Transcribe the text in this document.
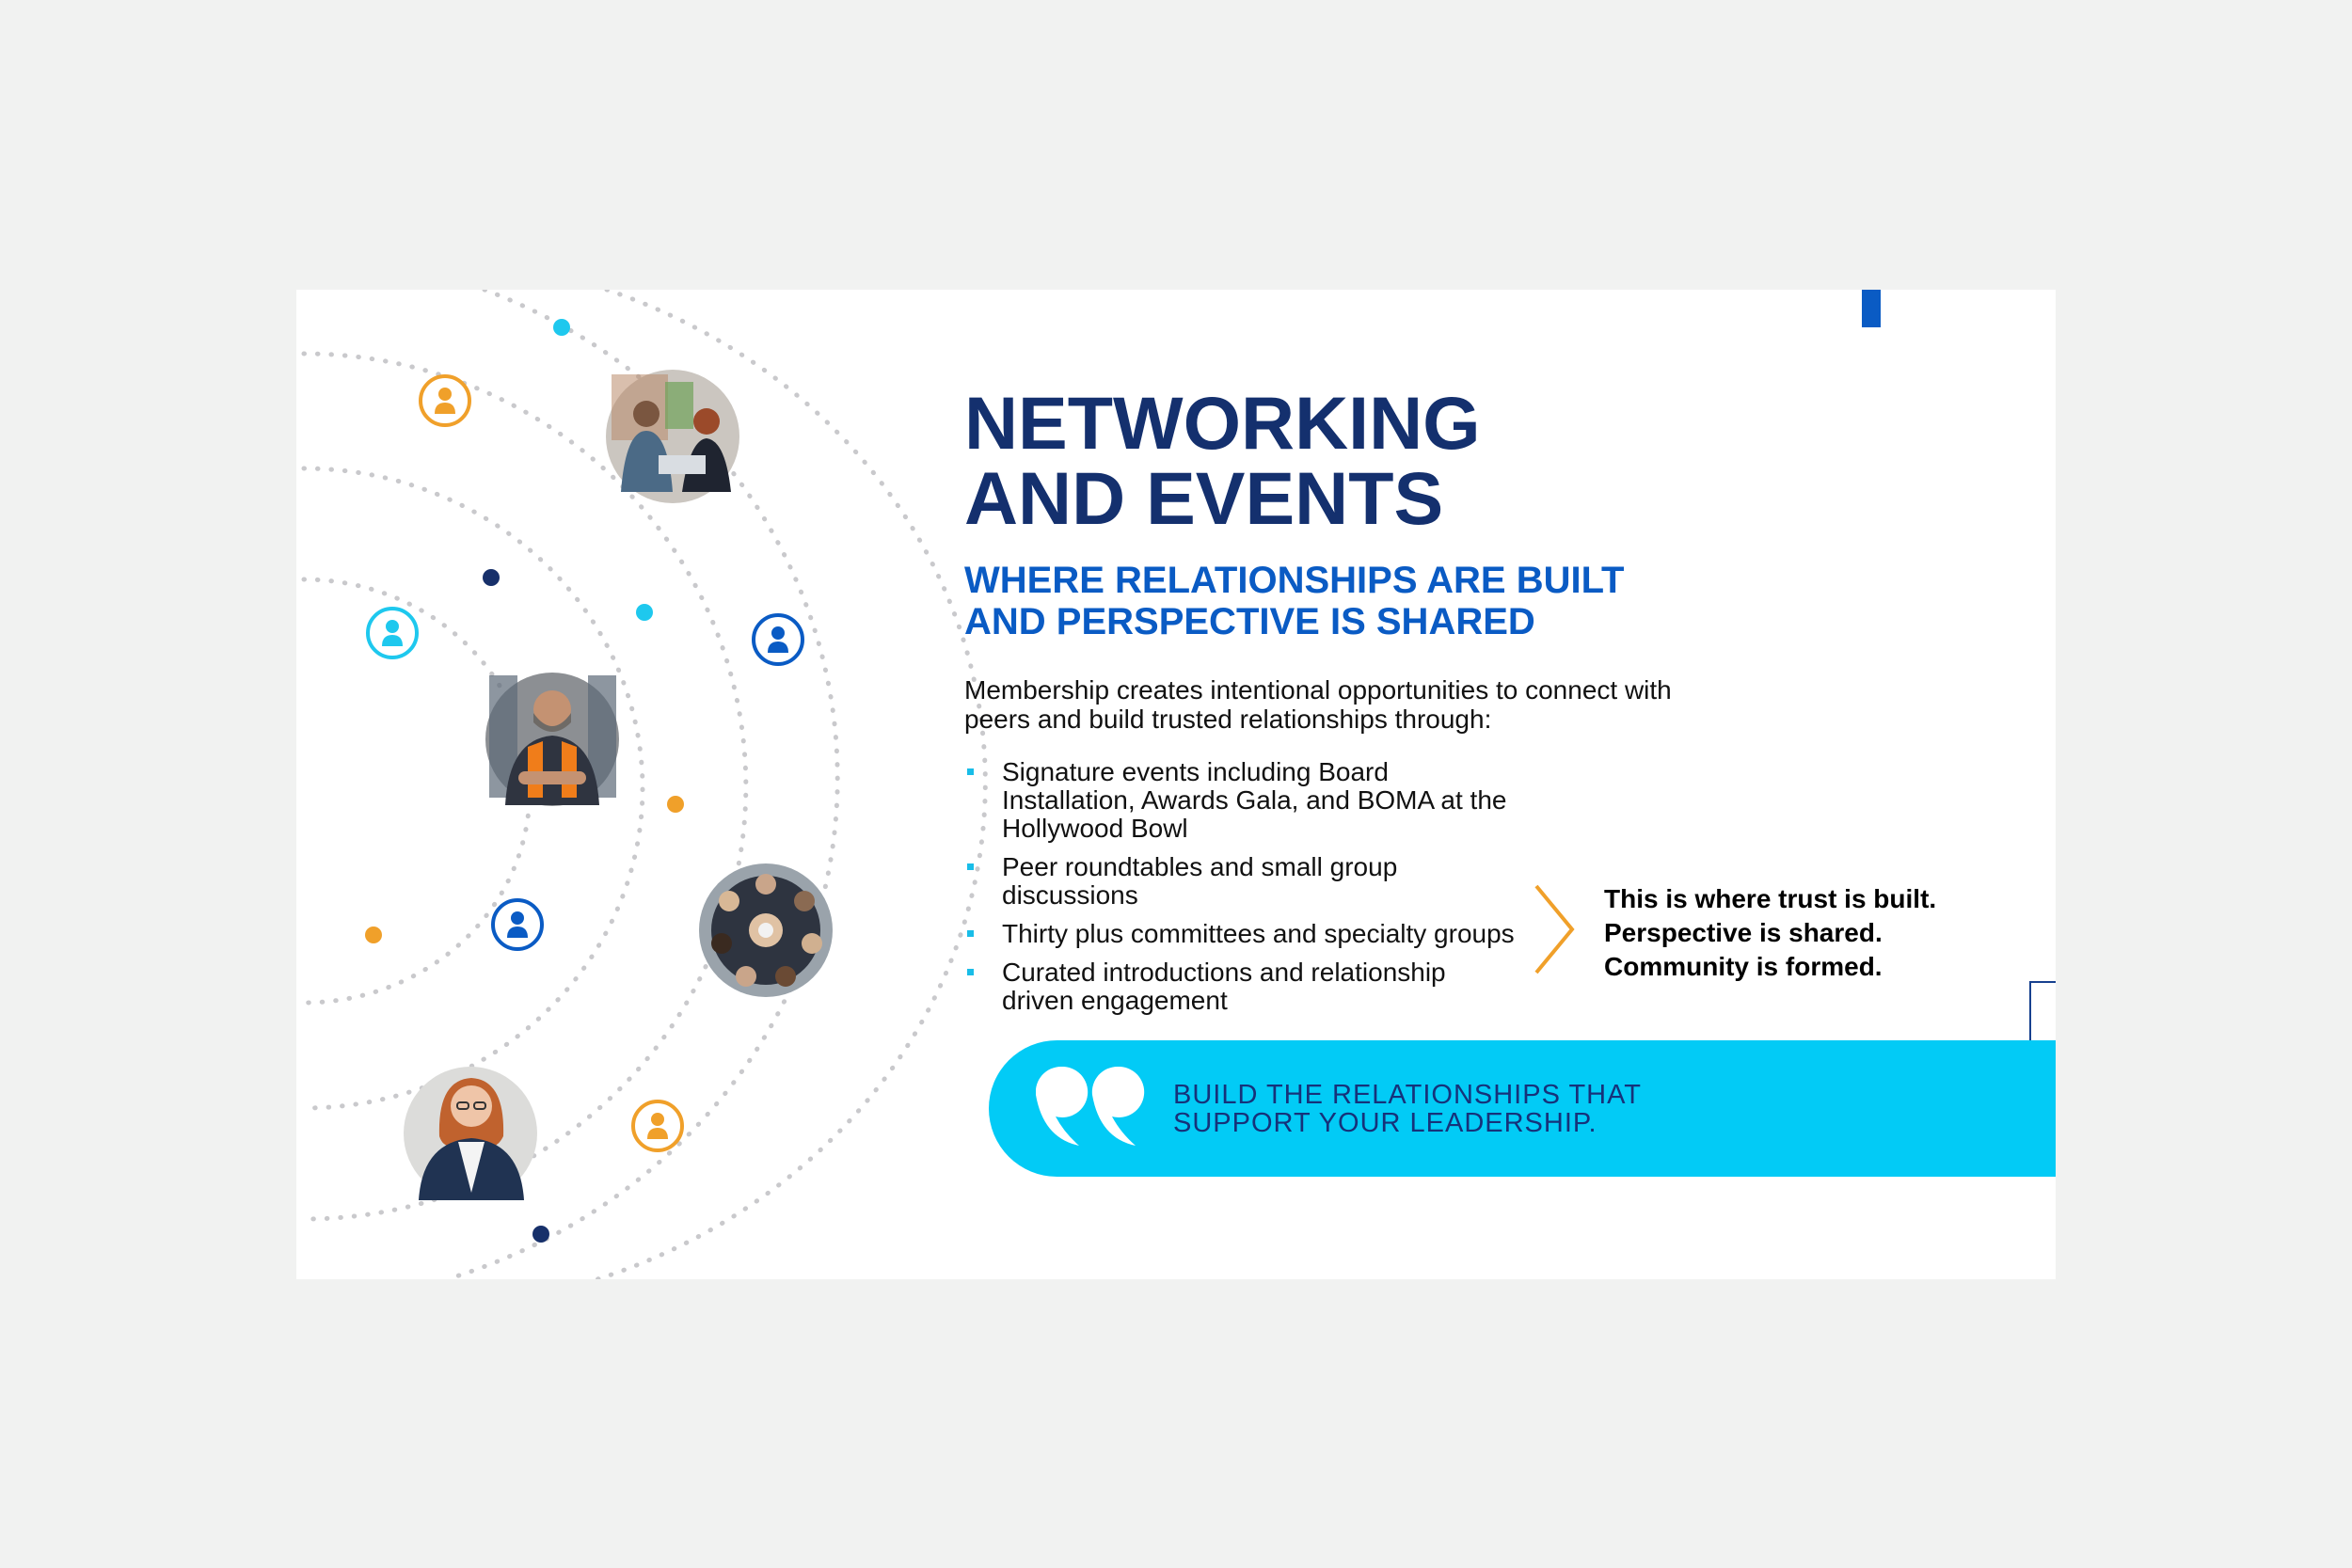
NETWORKING
AND EVENTS
WHERE RELATIONSHIPS ARE BUILT
AND PERSPECTIVE IS SHARED

Membership creates intentional opportunities to connect with peers and build trusted relationships through:

Signature events including Board
Installation, Awards Gala, and BOMA at the
Hollywood Bowl
Peer roundtables and small group
discussions
Thirty plus committees and specialty groups
Curated introductions and relationship
driven engagement

This is where trust is built.
Perspective is shared.
Community is formed.

BUILD THE RELATIONSHIPS THAT
SUPPORT YOUR LEADERSHIP.
